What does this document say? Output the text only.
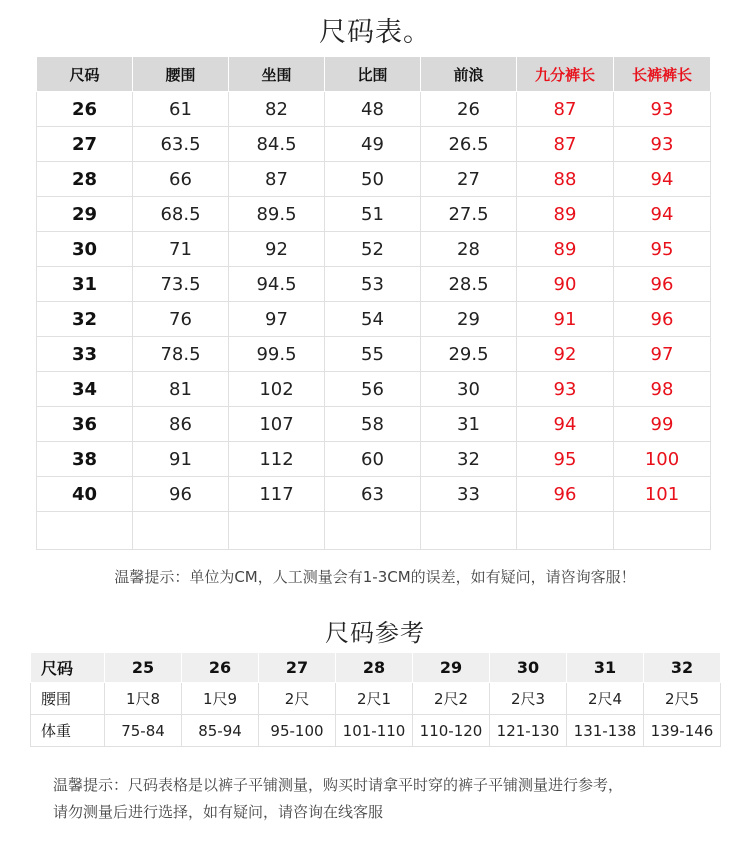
尺码表。
尺码	腰围	坐围	比围	前浪	九分裤长	长裤裤长
26	61	82	48	26	87	93
27	63.5	84.5	49	26.5	87	93
28	66	87	50	27	88	94
29	68.5	89.5	51	27.5	89	94
30	71	92	52	28	89	95
31	73.5	94.5	53	28.5	90	96
32	76	97	54	29	91	96
33	78.5	99.5	55	29.5	92	97
34	81	102	56	30	93	98
36	86	107	58	31	94	99
38	91	112	60	32	95	100
40	96	117	63	33	96	101

温馨提示：单位为CM，人工测量会有1-3CM的误差，如有疑问，请咨询客服！
尺码参考
尺码	25	26	27	28	29	30	31	32
腰围	1尺8	1尺9	2尺	2尺1	2尺2	2尺3	2尺4	2尺5
体重	75-84	85-94	95-100	101-110	110-120	121-130	131-138	139-146
温馨提示：尺码表格是以裤子平铺测量，购买时请拿平时穿的裤子平铺测量进行参考，
请勿测量后进行选择，如有疑问，请咨询在线客服
